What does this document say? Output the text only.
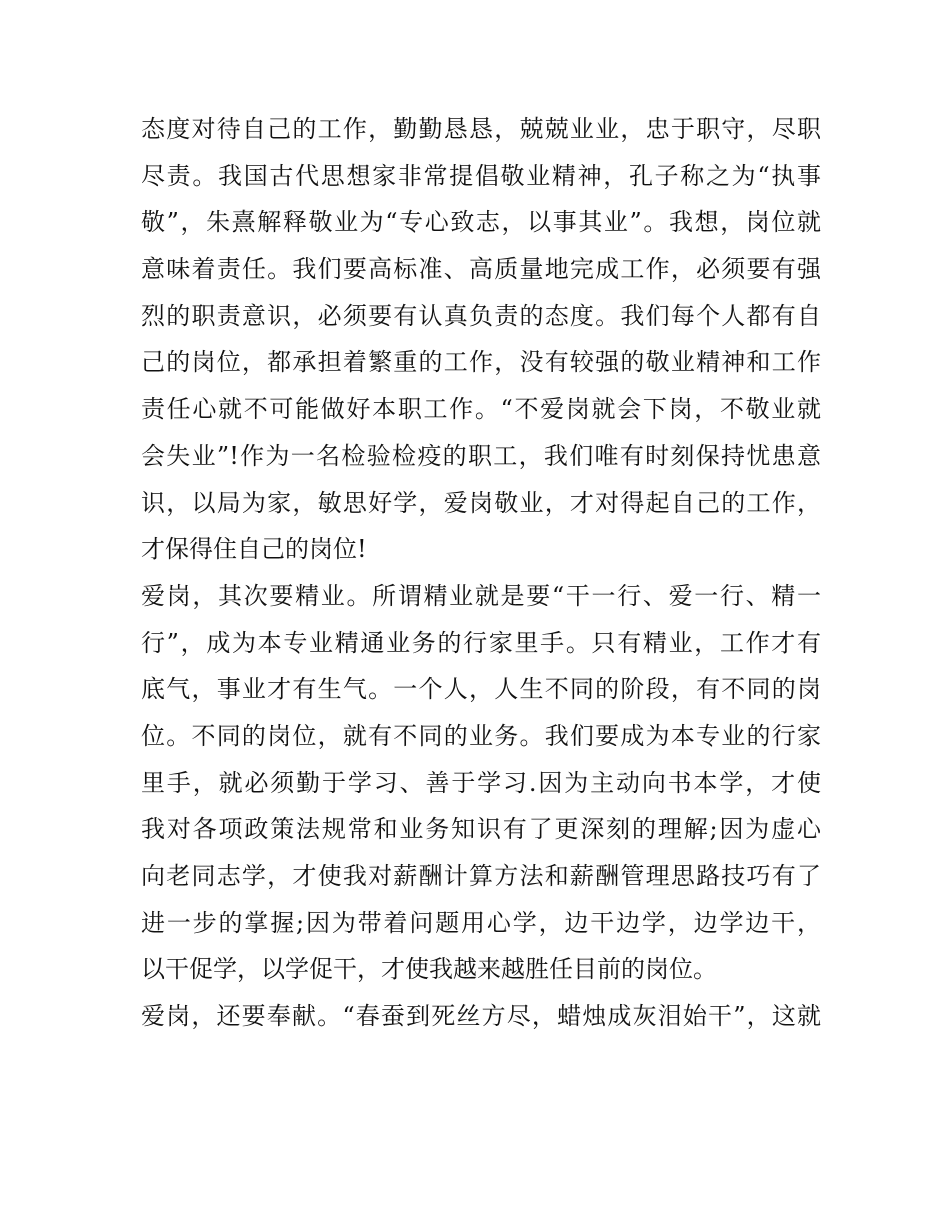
态度对待自己的工作，勤勤恳恳，兢兢业业，忠于职守，尽职
尽责。我国古代思想家非常提倡敬业精神，孔子称之为“执事
敬”，朱熹解释敬业为“专心致志，以事其业”。我想，岗位就
意味着责任。我们要高标准、高质量地完成工作，必须要有强
烈的职责意识，必须要有认真负责的态度。我们每个人都有自
己的岗位，都承担着繁重的工作，没有较强的敬业精神和工作
责任心就不可能做好本职工作。“不爱岗就会下岗，不敬业就
会失业”!作为一名检验检疫的职工，我们唯有时刻保持忧患意
识，以局为家，敏思好学，爱岗敬业，才对得起自己的工作，
才保得住自己的岗位!
爱岗，其次要精业。所谓精业就是要“干一行、爱一行、精一
行”，成为本专业精通业务的行家里手。只有精业，工作才有
底气，事业才有生气。一个人，人生不同的阶段，有不同的岗
位。不同的岗位，就有不同的业务。我们要成为本专业的行家
里手，就必须勤于学习、善于学习.因为主动向书本学，才使
我对各项政策法规常和业务知识有了更深刻的理解;因为虚心
向老同志学，才使我对薪酬计算方法和薪酬管理思路技巧有了
进一步的掌握;因为带着问题用心学，边干边学，边学边干，
以干促学，以学促干，才使我越来越胜任目前的岗位。
爱岗，还要奉献。“春蚕到死丝方尽，蜡烛成灰泪始干”，这就
